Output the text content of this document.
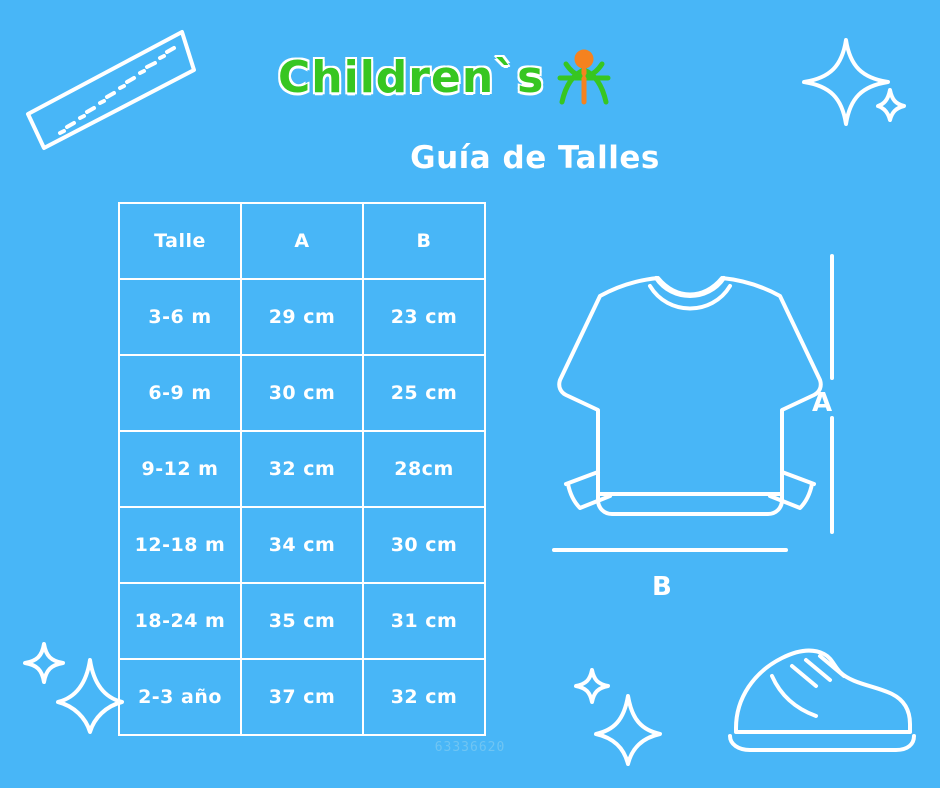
Children`s
Guía de Talles
Talle	A	B
3-6 m	29 cm	23 cm
6-9 m	30 cm	25 cm
9-12 m	32 cm	28cm
12-18 m	34 cm	30 cm
18-24 m	35 cm	31 cm
2-3 año	37 cm	32 cm
A
B
63336620
